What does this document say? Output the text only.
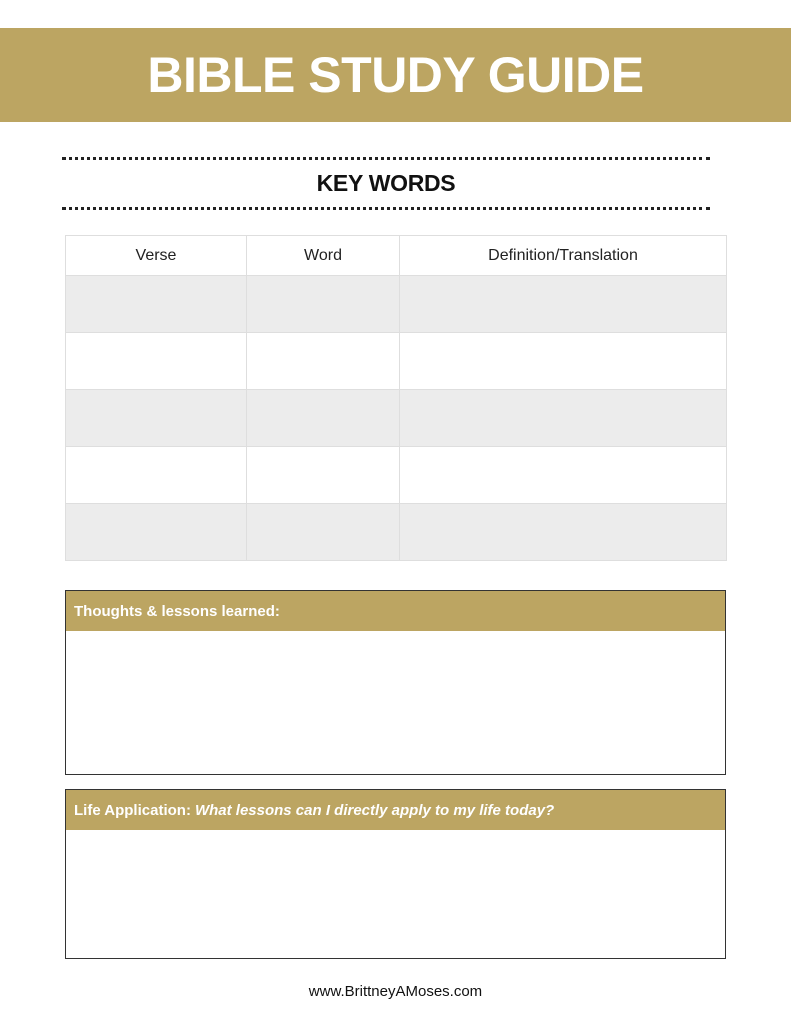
BIBLE STUDY GUIDE
KEY WORDS
Verse	Word	Definition/Translation

Thoughts & lessons learned:
Life Application: What lessons can I directly apply to my life today?
www.BrittneyAMoses.com
